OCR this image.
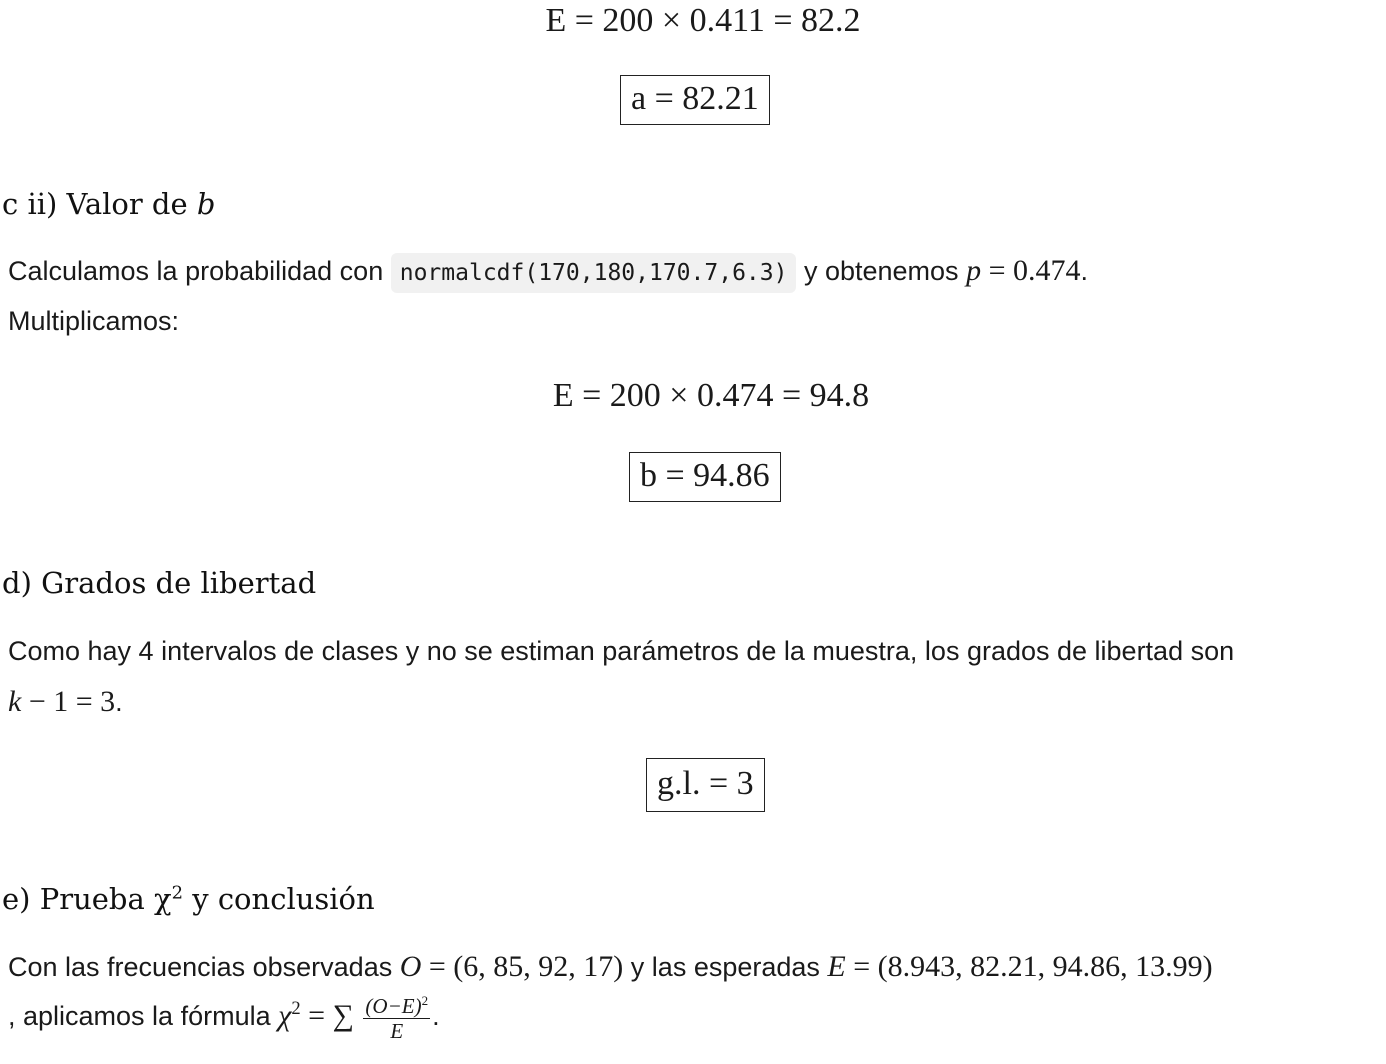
E = 200 × 0.411 = 82.2
a = 82.21
c ii) Valor de b
Calculamos la probabilidad con normalcdf(170,180,170.7,6.3) y obtenemos p = 0.474.
Multiplicamos:
E = 200 × 0.474 = 94.8
b = 94.86
d) Grados de libertad
Como hay 4 intervalos de clases y no se estiman parámetros de la muestra, los grados de libertad son
k − 1 = 3.
g.l. = 3
e) Prueba $\chi^2$ y conclusión
Con las frecuencias observadas O = (6, 85, 92, 17) y las esperadas E = (8.943, 82.21, 94.86, 13.99)
, aplicamos la fórmula $\chi^2$ = ∑ $\frac{(O-E)^2}{E}$ .
